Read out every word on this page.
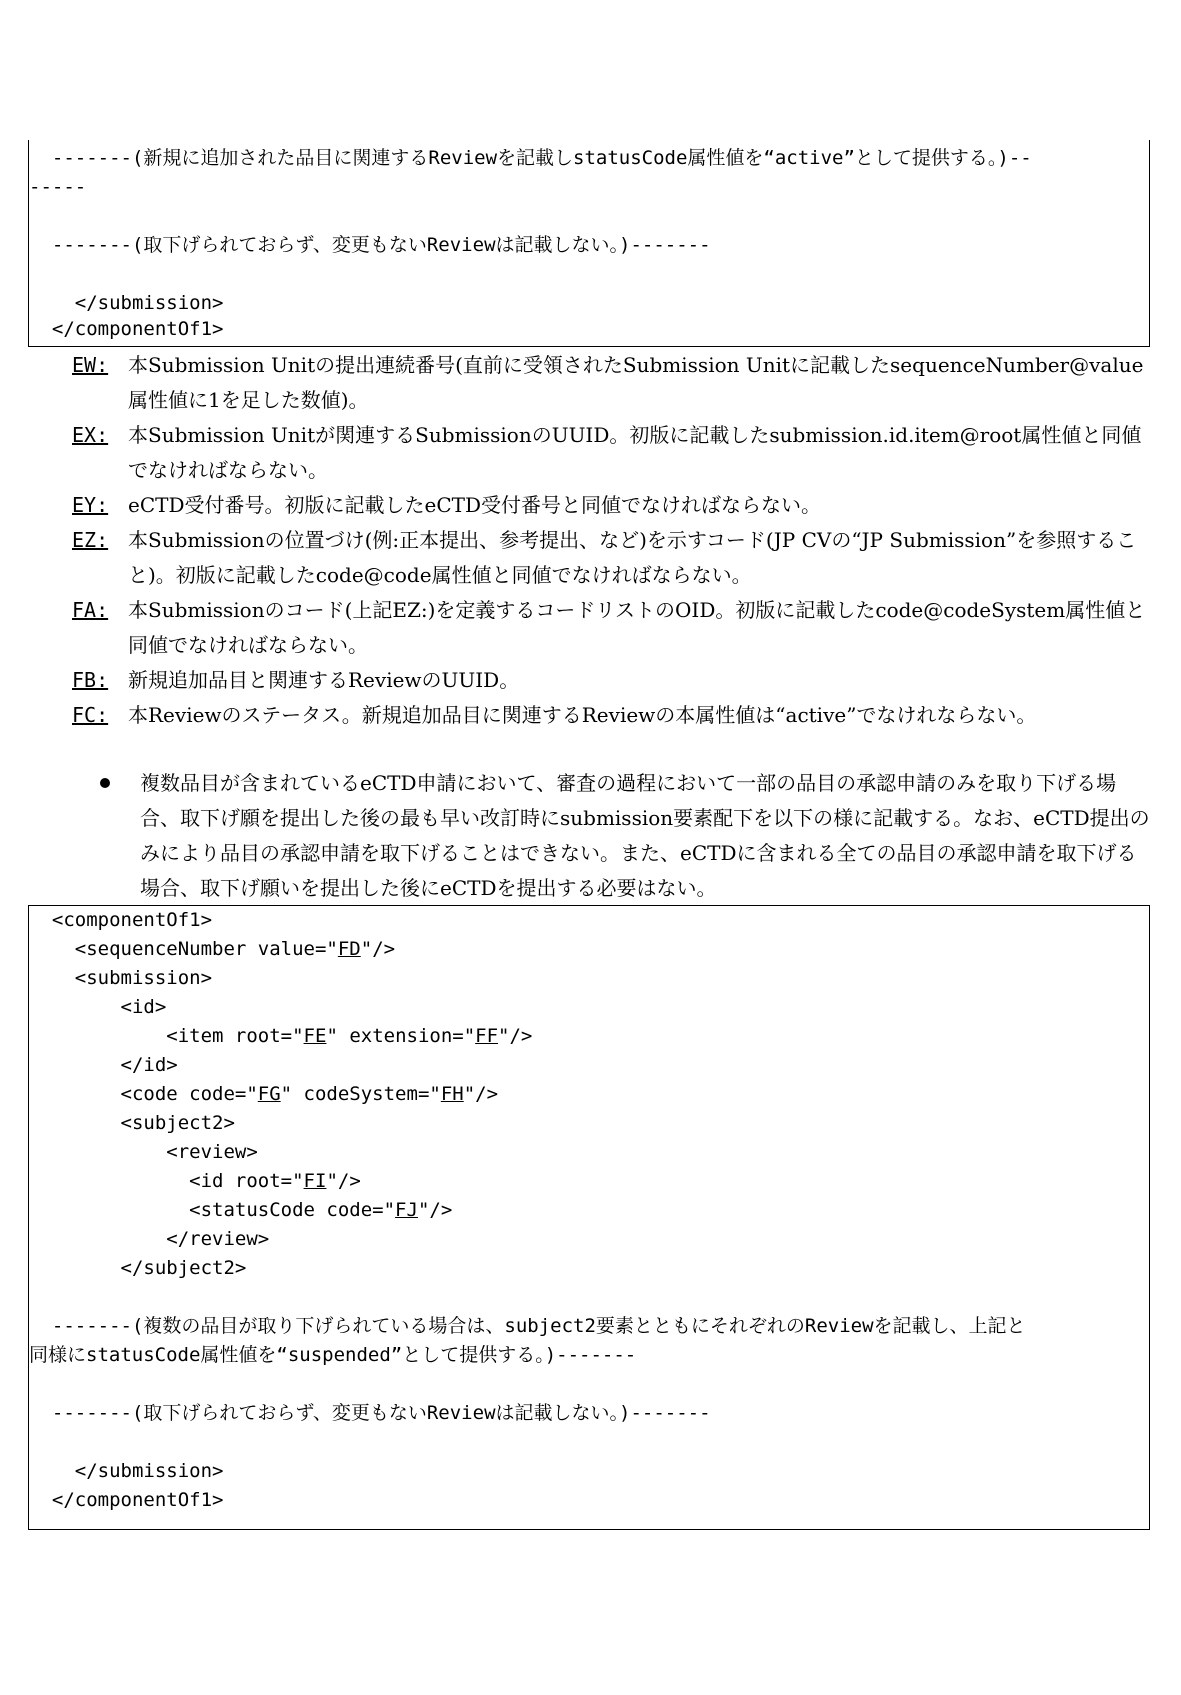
-------(新規に追加された品目に関連するReviewを記載しstatusCode属性値を“active”として提供する。)--
-----
-------(取下げられておらず、変更もないReviewは記載しない。)-------
</submission>
</componentOf1>

EW: 本Submission Unitの提出連続番号(直前に受領されたSubmission Unitに記載したsequenceNumber@value属性値に1を足した数値)。

EX: 本Submission Unitが関連するSubmissionのUUID。初版に記載したsubmission.id.item@root属性値と同値でなければならない。

EY: eCTD受付番号。初版に記載したeCTD受付番号と同値でなければならない。

EZ: 本Submissionの位置づけ(例:正本提出、参考提出、など)を示すコード(JP CVの“JP Submission”を参照すること)。初版に記載したcode@code属性値と同値でなければならない。

FA: 本Submissionのコード(上記EZ:)を定義するコードリストのOID。初版に記載したcode@codeSystem属性値と同値でなければならない。

FB: 新規追加品目と関連するReviewのUUID。

FC: 本Reviewのステータス。新規追加品目に関連するReviewの本属性値は“active”でなけれならない。

複数品目が含まれているeCTD申請において、審査の過程において一部の品目の承認申請のみを取り下げる場合、取下げ願を提出した後の最も早い改訂時にsubmission要素配下を以下の様に記載する。なお、eCTD提出のみにより品目の承認申請を取下げることはできない。また、eCTDに含まれる全ての品目の承認申請を取下げる場合、取下げ願いを提出した後にeCTDを提出する必要はない。
<componentOf1>
<sequenceNumber value="FD"/>
<submission>
<id>
<item root="FE" extension="FF"/>
</id>
<code code="FG" codeSystem="FH"/>
<subject2>
<review>
<id root="FI"/>
<statusCode code="FJ"/>
</review>
</subject2>
-------(複数の品目が取り下げられている場合は、subject2要素とともにそれぞれのReviewを記載し、上記と
同様にstatusCode属性値を“suspended”として提供する。)-------
-------(取下げられておらず、変更もないReviewは記載しない。)-------
</submission>
</componentOf1>
